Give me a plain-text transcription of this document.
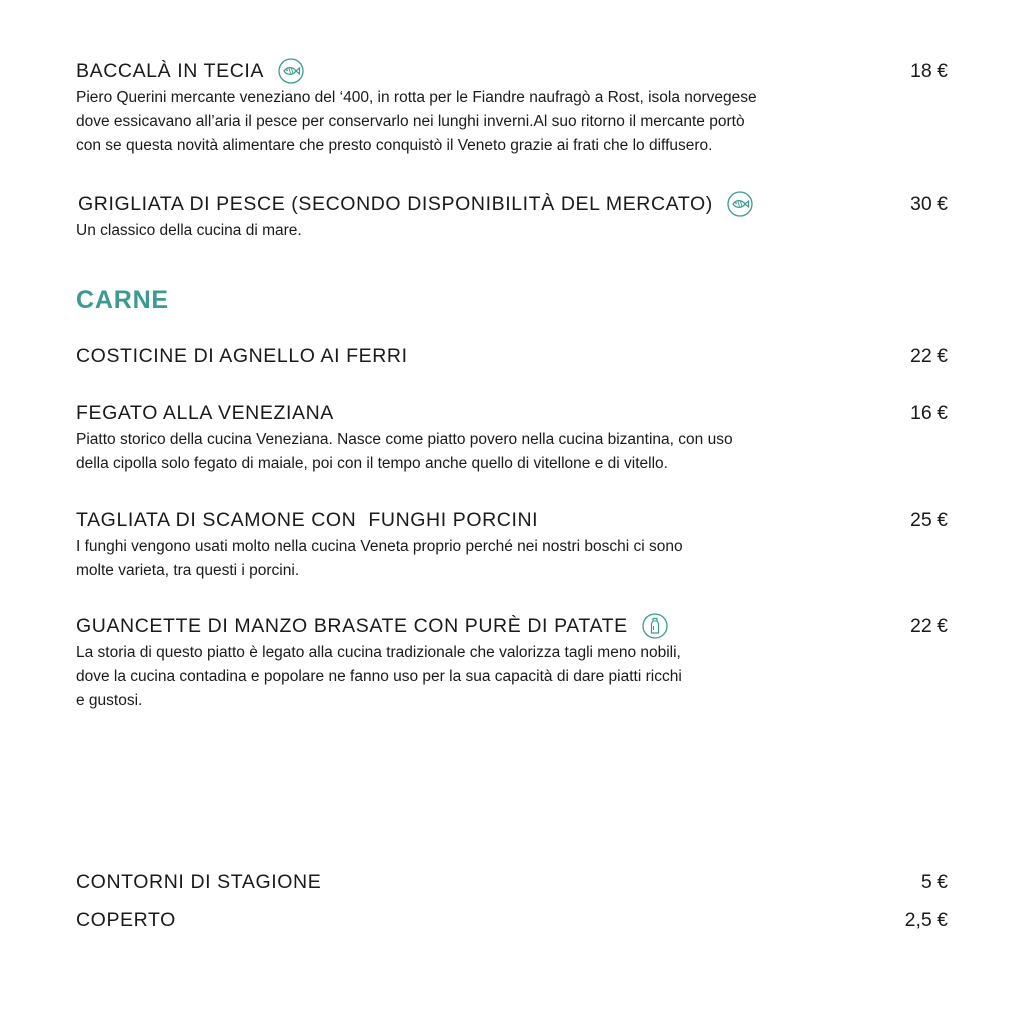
BACCALÀ IN TECIA	18 €
Piero Querini mercante veneziano del ‘400, in rotta per le Fiandre naufragò a Rost, isola norvegese
dove essicavano all’aria il pesce per conservarlo nei lunghi inverni.Al suo ritorno il mercante portò
con se questa novità alimentare che presto conquistò il Veneto grazie ai frati che lo diffusero.
GRIGLIATA DI PESCE (SECONDO DISPONIBILITÀ DEL MERCATO)	30 €
Un classico della cucina di mare.
CARNE
COSTICINE DI AGNELLO AI FERRI	22 €
FEGATO ALLA VENEZIANA	16 €
Piatto storico della cucina Veneziana. Nasce come piatto povero nella cucina bizantina, con uso
della cipolla solo fegato di maiale, poi con il tempo anche quello di vitellone e di vitello.
TAGLIATA DI SCAMONE CON  FUNGHI PORCINI	25 €
I funghi vengono usati molto nella cucina Veneta proprio perché nei nostri boschi ci sono
molte varieta, tra questi i porcini.
GUANCETTE DI MANZO BRASATE CON PURÈ DI PATATE	22 €
La storia di questo piatto è legato alla cucina tradizionale che valorizza tagli meno nobili,
dove la cucina contadina e popolare ne fanno uso per la sua capacità di dare piatti ricchi
e gustosi.
CONTORNI DI STAGIONE	5 €
COPERTO	2,5 €
